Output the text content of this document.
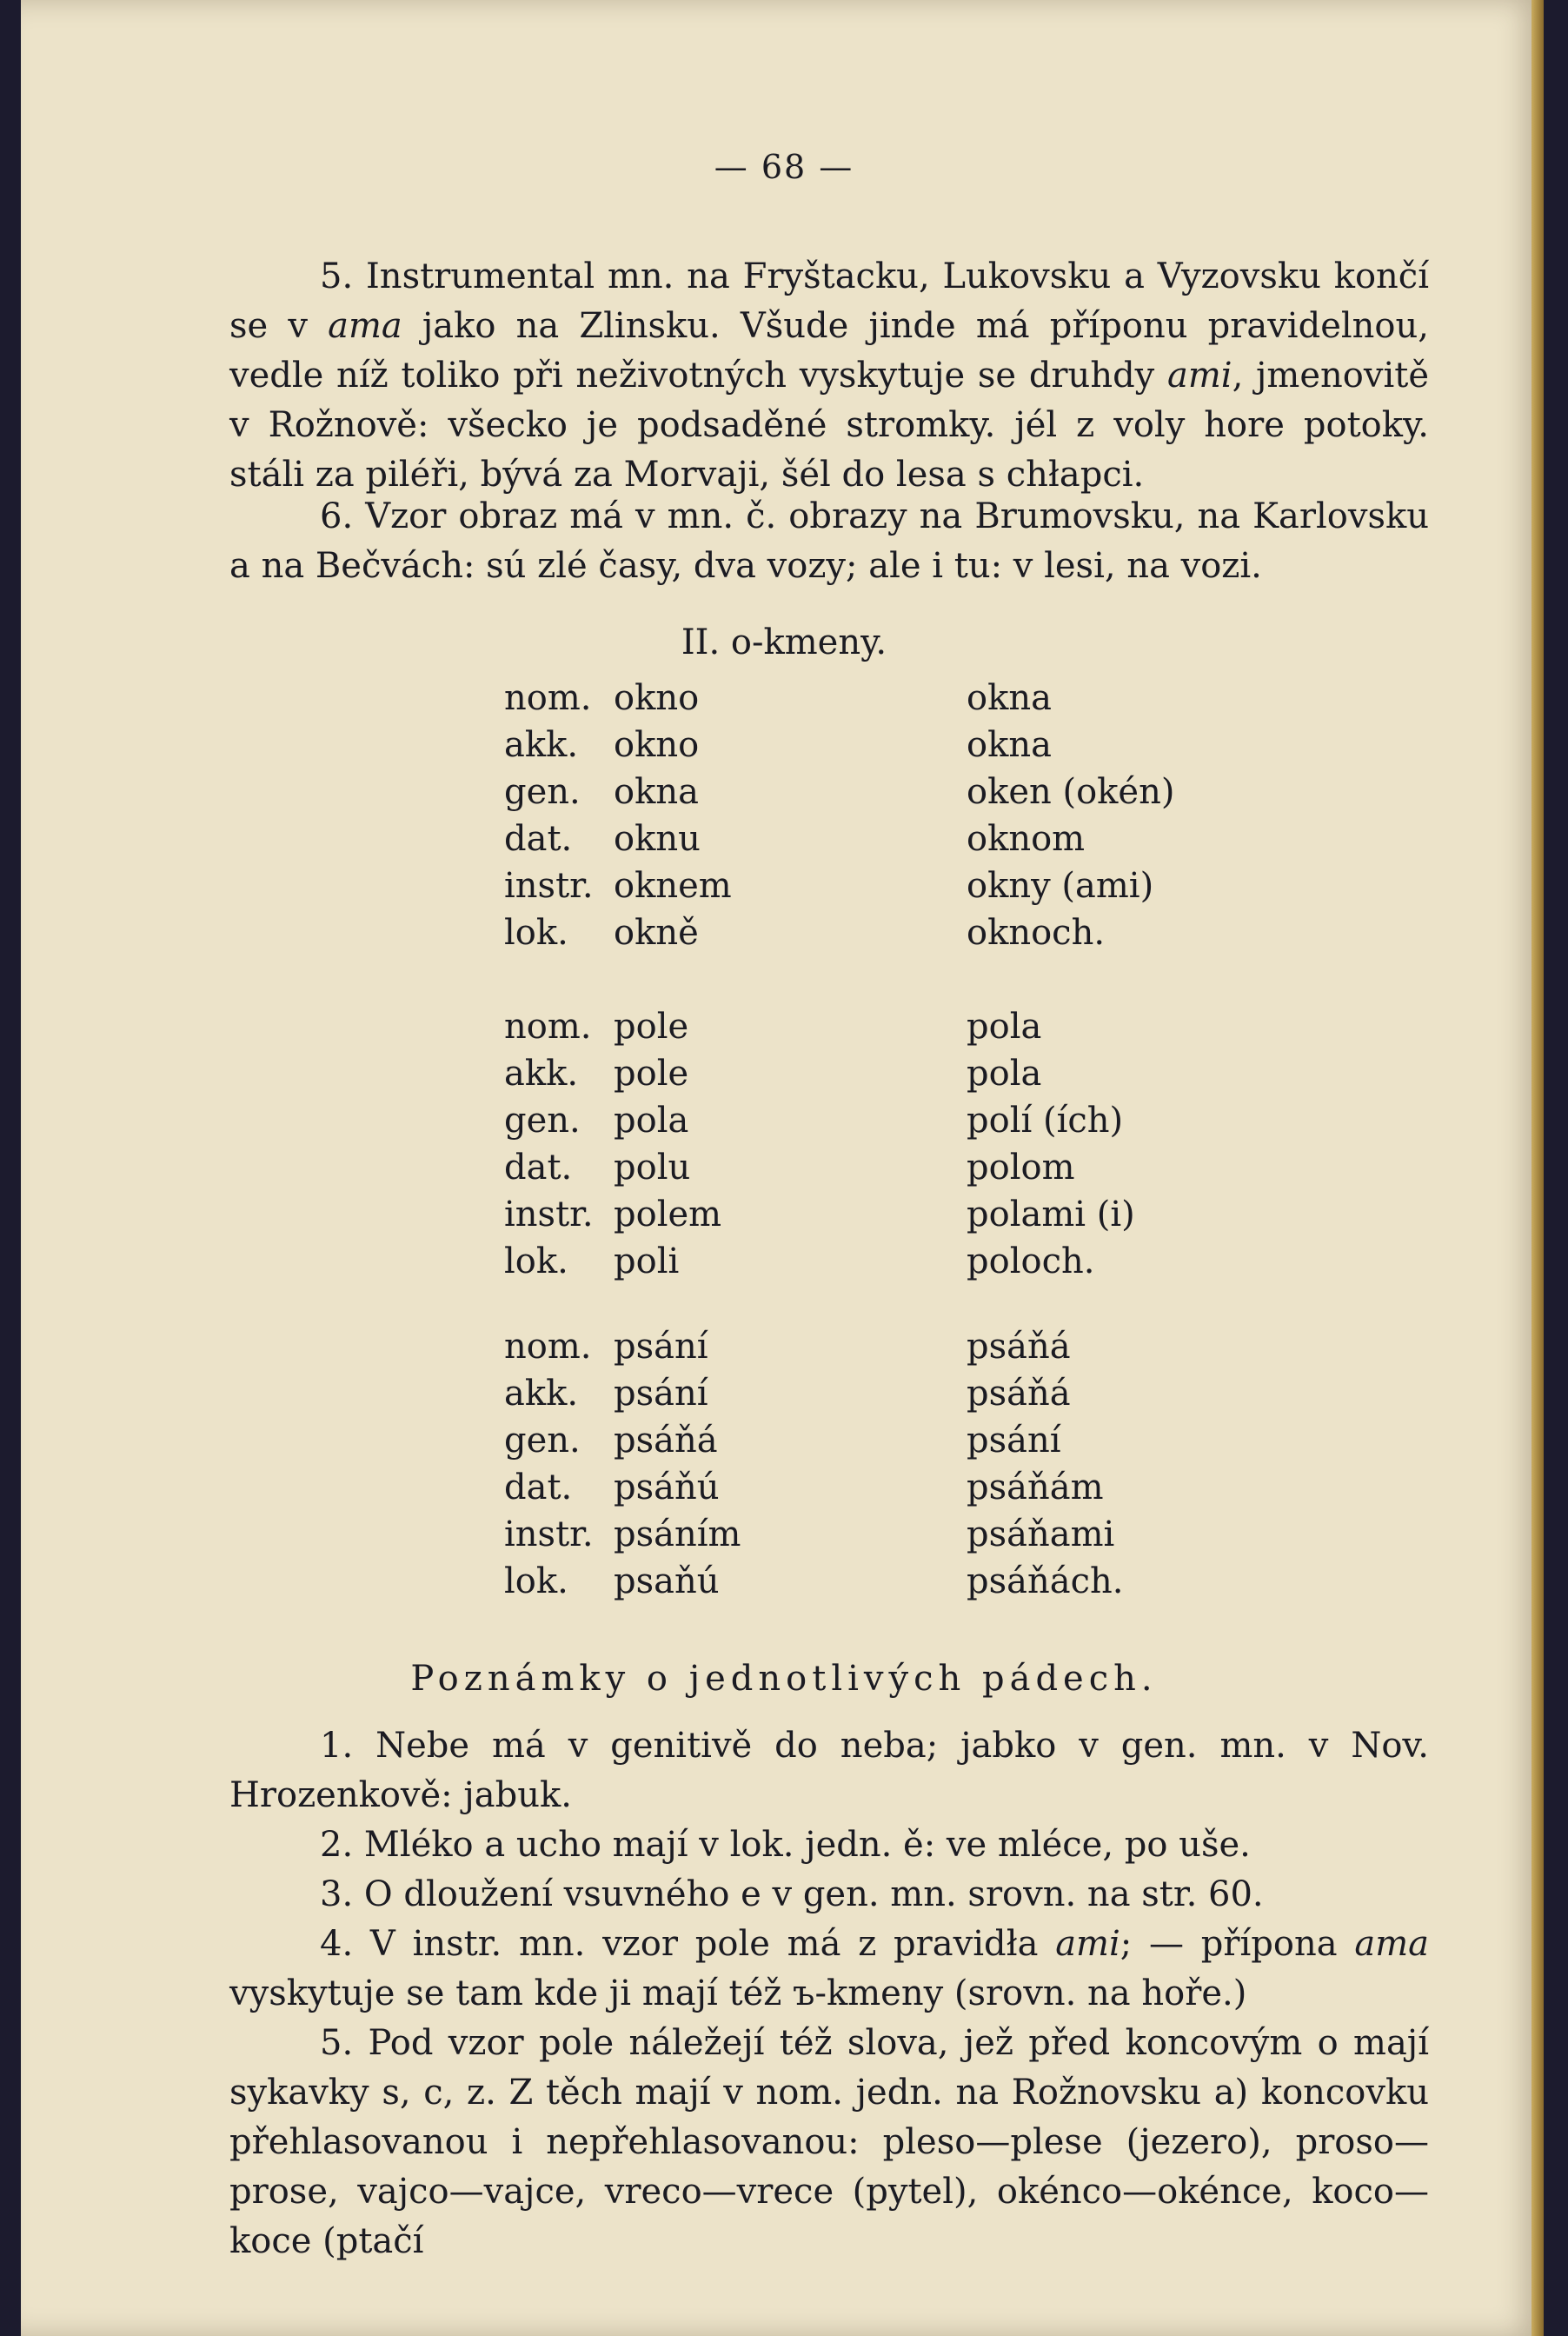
— 68 —
5. Instrumental mn. na Fryštacku, Lukovsku a Vyzovsku končí se v ama jako na Zlinsku. Všude jinde má příponu pravidelnou, vedle níž toliko při neživotných vyskytuje se druhdy ami, jmenovitě v Rožnově: všecko je podsaděné stromky. jél z voly hore potoky. stáli za piléři, bývá za Morvaji, šél do lesa s chłapci.
6. Vzor obraz má v mn. č. obrazy na Brumovsku, na Karlovsku a na Bečvách: sú zlé časy, dva vozy; ale i tu: v lesi, na vozi.
II. o-kmeny.
nom. okno	okna
akk. okno	okna
gen. okna	oken (okén)
dat. oknu	oknom
instr. oknem	okny (ami)
lok. okně	oknoch.
nom. pole	pola
akk. pole	pola
gen. pola	polí (ích)
dat. polu	polom
instr. polem	polami (i)
lok. poli	poloch.
nom. psání	psáňá
akk. psání	psáňá
gen. psáňá	psání
dat. psáňú	psáňám
instr. psáním	psáňami
lok. psaňú	psáňách.
Poznámky o jednotlivých pádech.
1. Nebe má v genitivě do neba; jabko v gen. mn. v Nov. Hrozenkově: jabuk.
2. Mléko a ucho mají v lok. jedn. ě: ve mléce, po uše.
3. O dloužení vsuvného e v gen. mn. srovn. na str. 60.
4. V instr. mn. vzor pole má z pravidła ami; — přípona ama vyskytuje se tam kde ji mají též ъ-kmeny (srovn. na hoře.)
5. Pod vzor pole náležejí též slova, jež před koncovým o mají sykavky s, c, z. Z těch mají v nom. jedn. na Rožnovsku a) koncovku přehlasovanou i nepřehlasovanou: pleso—plese (jezero), proso—prose, vajco—vajce, vreco—vrece (pytel), okénco—okénce, koco—koce (ptačí
